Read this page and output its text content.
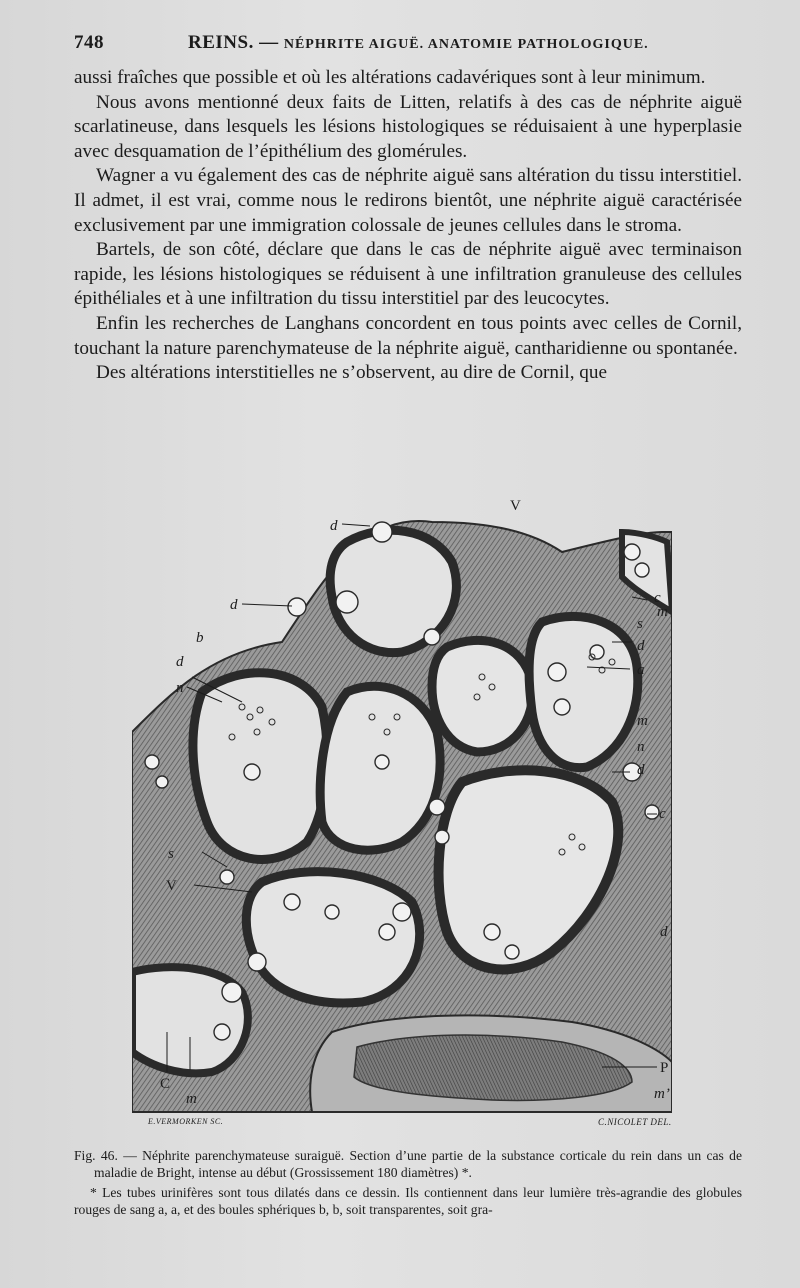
748	REINS. — NÉPHRITE AIGUË. ANATOMIE PATHOLOGIQUE.

aussi fraîches que possible et où les altérations cadavériques sont à leur minimum.

Nous avons mentionné deux faits de Litten, relatifs à des cas de néphrite aiguë scarlatineuse, dans lesquels les lésions histologiques se réduisaient à une hyperplasie avec desquamation de l’épithélium des glomérules.

Wagner a vu également des cas de néphrite aiguë sans altération du tissu interstitiel. Il admet, il est vrai, comme nous le redirons bientôt, une néphrite aiguë caractérisée exclusivement par une immigration colossale de jeunes cellules dans le stroma.

Bartels, de son côté, déclare que dans le cas de néphrite aiguë avec terminaison rapide, les lésions histologiques se réduisent à une infiltration granuleuse des cellules épithéliales et à une infiltration du tissu interstitiel par des leucocytes.

Enfin les recherches de Langhans concordent en tous points avec celles de Cornil, touchant la nature parenchymateuse de la néphrite aiguë, cantharidienne ou spontanée.

Des altérations interstitielles ne s’observent, au dire de Cornil, que

d
V
d
b
d
n
c
m
s
d
a
m
n
d
c
s
V
d
P
C
m	m’
E.VERMORKEN SC.	C.NICOLET DEL.

Fig. 46. — Néphrite parenchymateuse suraiguë. Section d’une partie de la substance corticale du rein dans un cas de maladie de Bright, intense au début (Grossissement 180 diamètres) *.

* Les tubes urinifères sont tous dilatés dans ce dessin. Ils contiennent dans leur lumière très-agrandie des globules rouges de sang a, a, et des boules sphériques b, b, soit transparentes, soit gra-
